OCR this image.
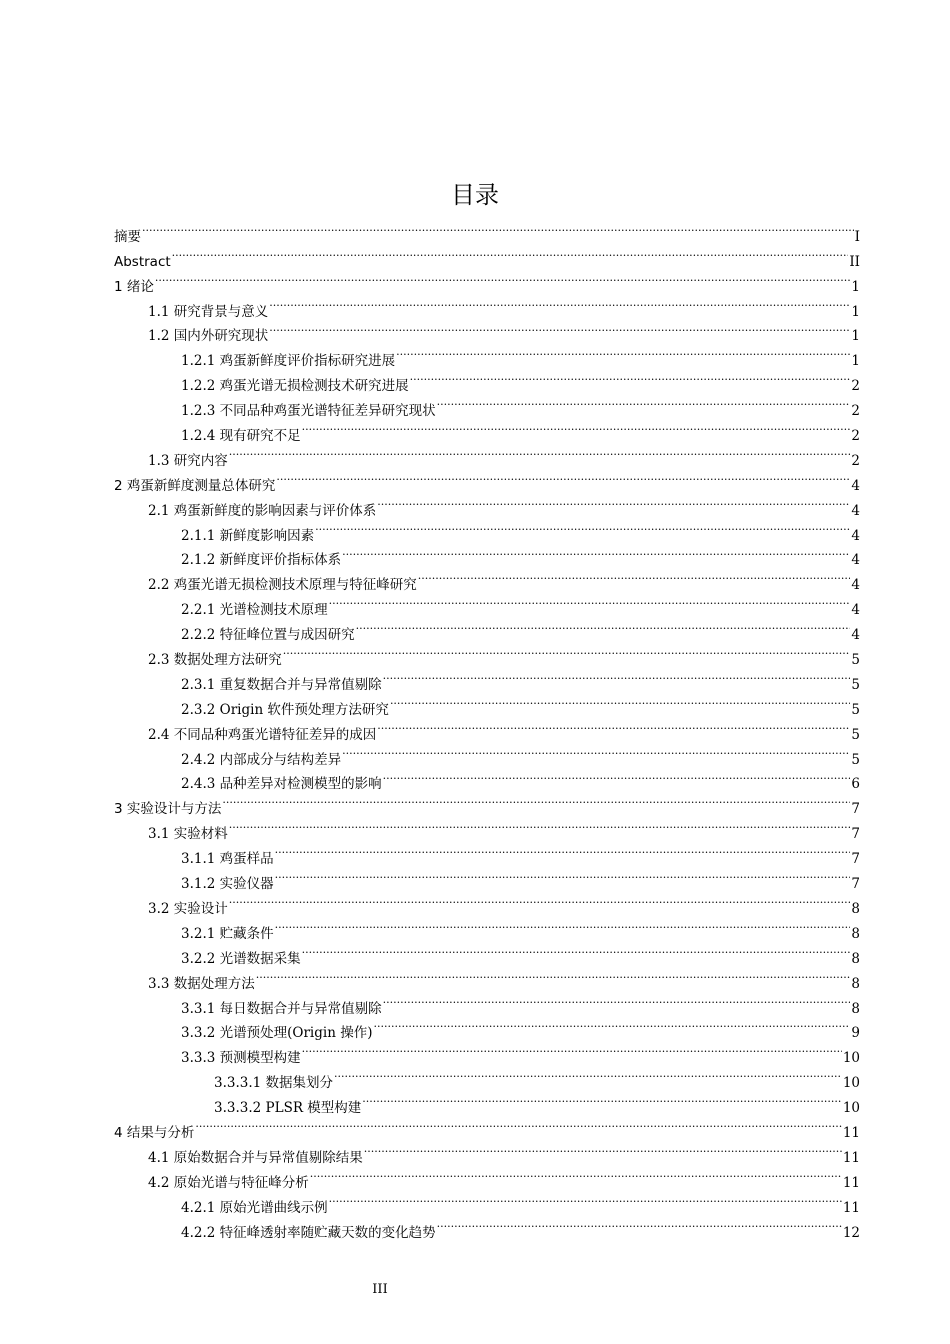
目录
摘要 .....	I
Abstract .....	II
1 绪论 .....	1
1.1 研究背景与意义 .....	1
1.2 国内外研究现状 .....	1
1.2.1 鸡蛋新鲜度评价指标研究进展 .....	1
1.2.2 鸡蛋光谱无损检测技术研究进展 .....	2
1.2.3 不同品种鸡蛋光谱特征差异研究现状 .....	2
1.2.4 现有研究不足 .....	2
1.3 研究内容 .....	2
2 鸡蛋新鲜度测量总体研究 .....	4
2.1 鸡蛋新鲜度的影响因素与评价体系 .....	4
2.1.1 新鲜度影响因素 .....	4
2.1.2 新鲜度评价指标体系 .....	4
2.2 鸡蛋光谱无损检测技术原理与特征峰研究 .....	4
2.2.1 光谱检测技术原理 .....	4
2.2.2 特征峰位置与成因研究 .....	4
2.3 数据处理方法研究 .....	5
2.3.1 重复数据合并与异常值剔除 .....	5
2.3.2 Origin 软件预处理方法研究 .....	5
2.4 不同品种鸡蛋光谱特征差异的成因 .....	5
2.4.2 内部成分与结构差异 .....	5
2.4.3 品种差异对检测模型的影响 .....	6
3 实验设计与方法 .....	7
3.1 实验材料 .....	7
3.1.1 鸡蛋样品 .....	7
3.1.2 实验仪器 .....	7
3.2 实验设计 .....	8
3.2.1 贮藏条件 .....	8
3.2.2 光谱数据采集 .....	8
3.3 数据处理方法 .....	8
3.3.1 每日数据合并与异常值剔除 .....	8
3.3.2 光谱预处理(Origin 操作) .....	9
3.3.3 预测模型构建 .....	10
3.3.3.1 数据集划分 .....	10
3.3.3.2 PLSR 模型构建 .....	10
4 结果与分析 .....	11
4.1 原始数据合并与异常值剔除结果 .....	11
4.2 原始光谱与特征峰分析 .....	11
4.2.1 原始光谱曲线示例 .....	11
4.2.2 特征峰透射率随贮藏天数的变化趋势 .....	12
III
